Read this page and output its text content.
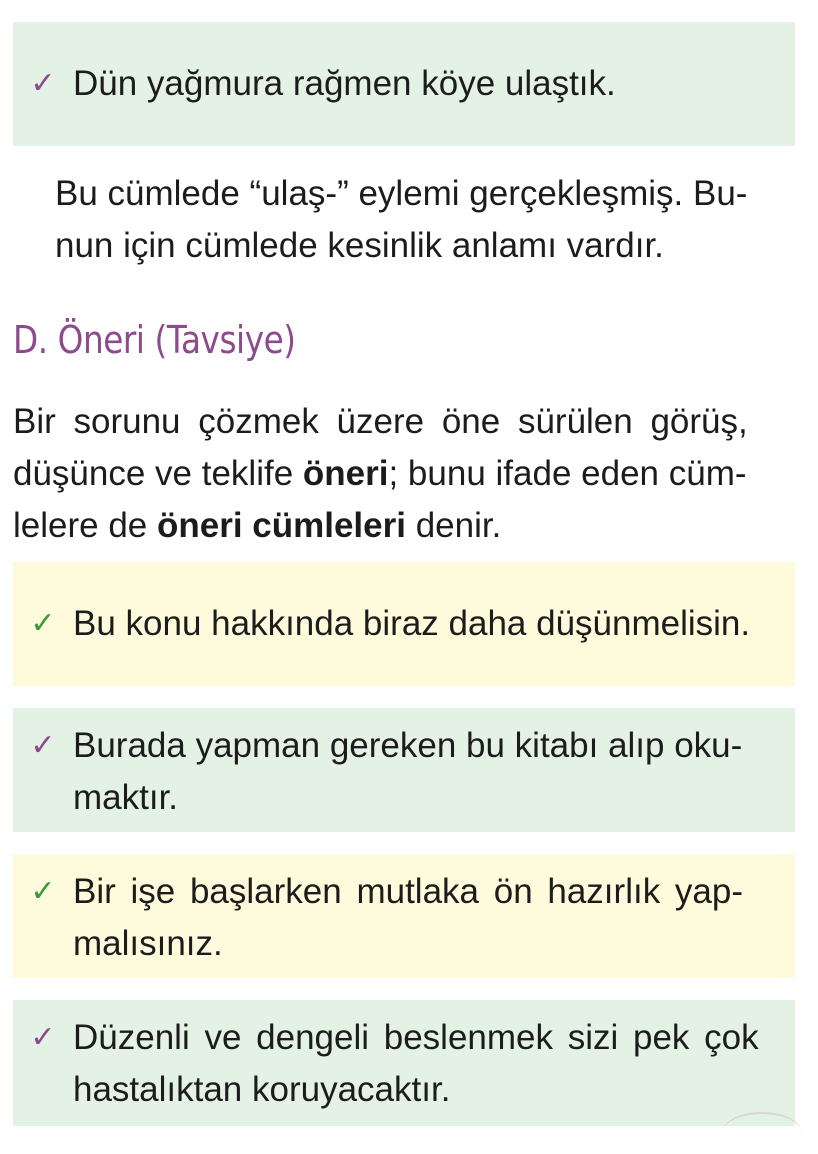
✓ Dün yağmura rağmen köye ulaştık.
Bu cümlede “ulaş-” eylemi gerçekleşmiş. Bu-
nun için cümlede kesinlik anlamı vardır.
D. Öneri (Tavsiye)
Bir sorunu çözmek üzere öne sürülen görüş,
düşünce ve teklife öneri; bunu ifade eden cüm-
lelere de öneri cümleleri denir.
✓ Bu konu hakkında biraz daha düşünmelisin.
✓ Burada yapman gereken bu kitabı alıp oku-
maktır.
✓ Bir işe başlarken mutlaka ön hazırlık yap-
malısınız.
✓ Düzenli ve dengeli beslenmek sizi pek çok
hastalıktan koruyacaktır.
